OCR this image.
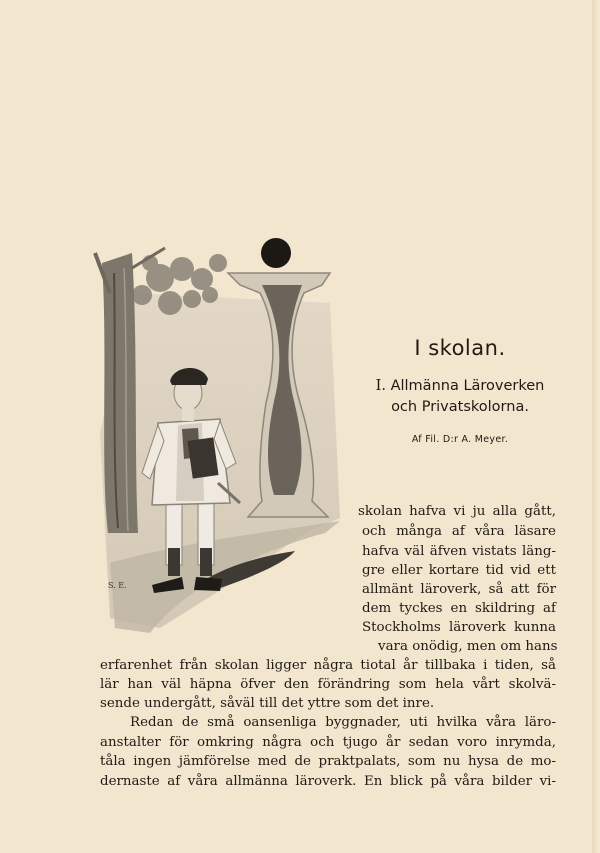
S. E.
I skolan.
I. Allmänna Läroverken
och Privatskolorna.
Af Fil. D:r A. Meyer.
skolan hafva vi ju alla gått,
och många af våra läsare
hafva väl äfven vistats läng-
gre eller kortare tid vid ett
allmänt läroverk, så att för
dem tyckes en skildring af
Stockholms läroverk kunna
vara onödig, men om hans
erfarenhet från skolan ligger några tiotal år tillbaka i tiden, så
lär han väl häpna öfver den förändring som hela vårt skolvä-
sende undergått, såväl till det yttre som det inre.
Redan de små oansenliga byggnader, uti hvilka våra läro-
anstalter för omkring några och tjugo år sedan voro inrymda,
tåla ingen jämförelse med de praktpalats, som nu hysa de mo-
dernaste af våra allmänna läroverk. En blick på våra bilder vi-
